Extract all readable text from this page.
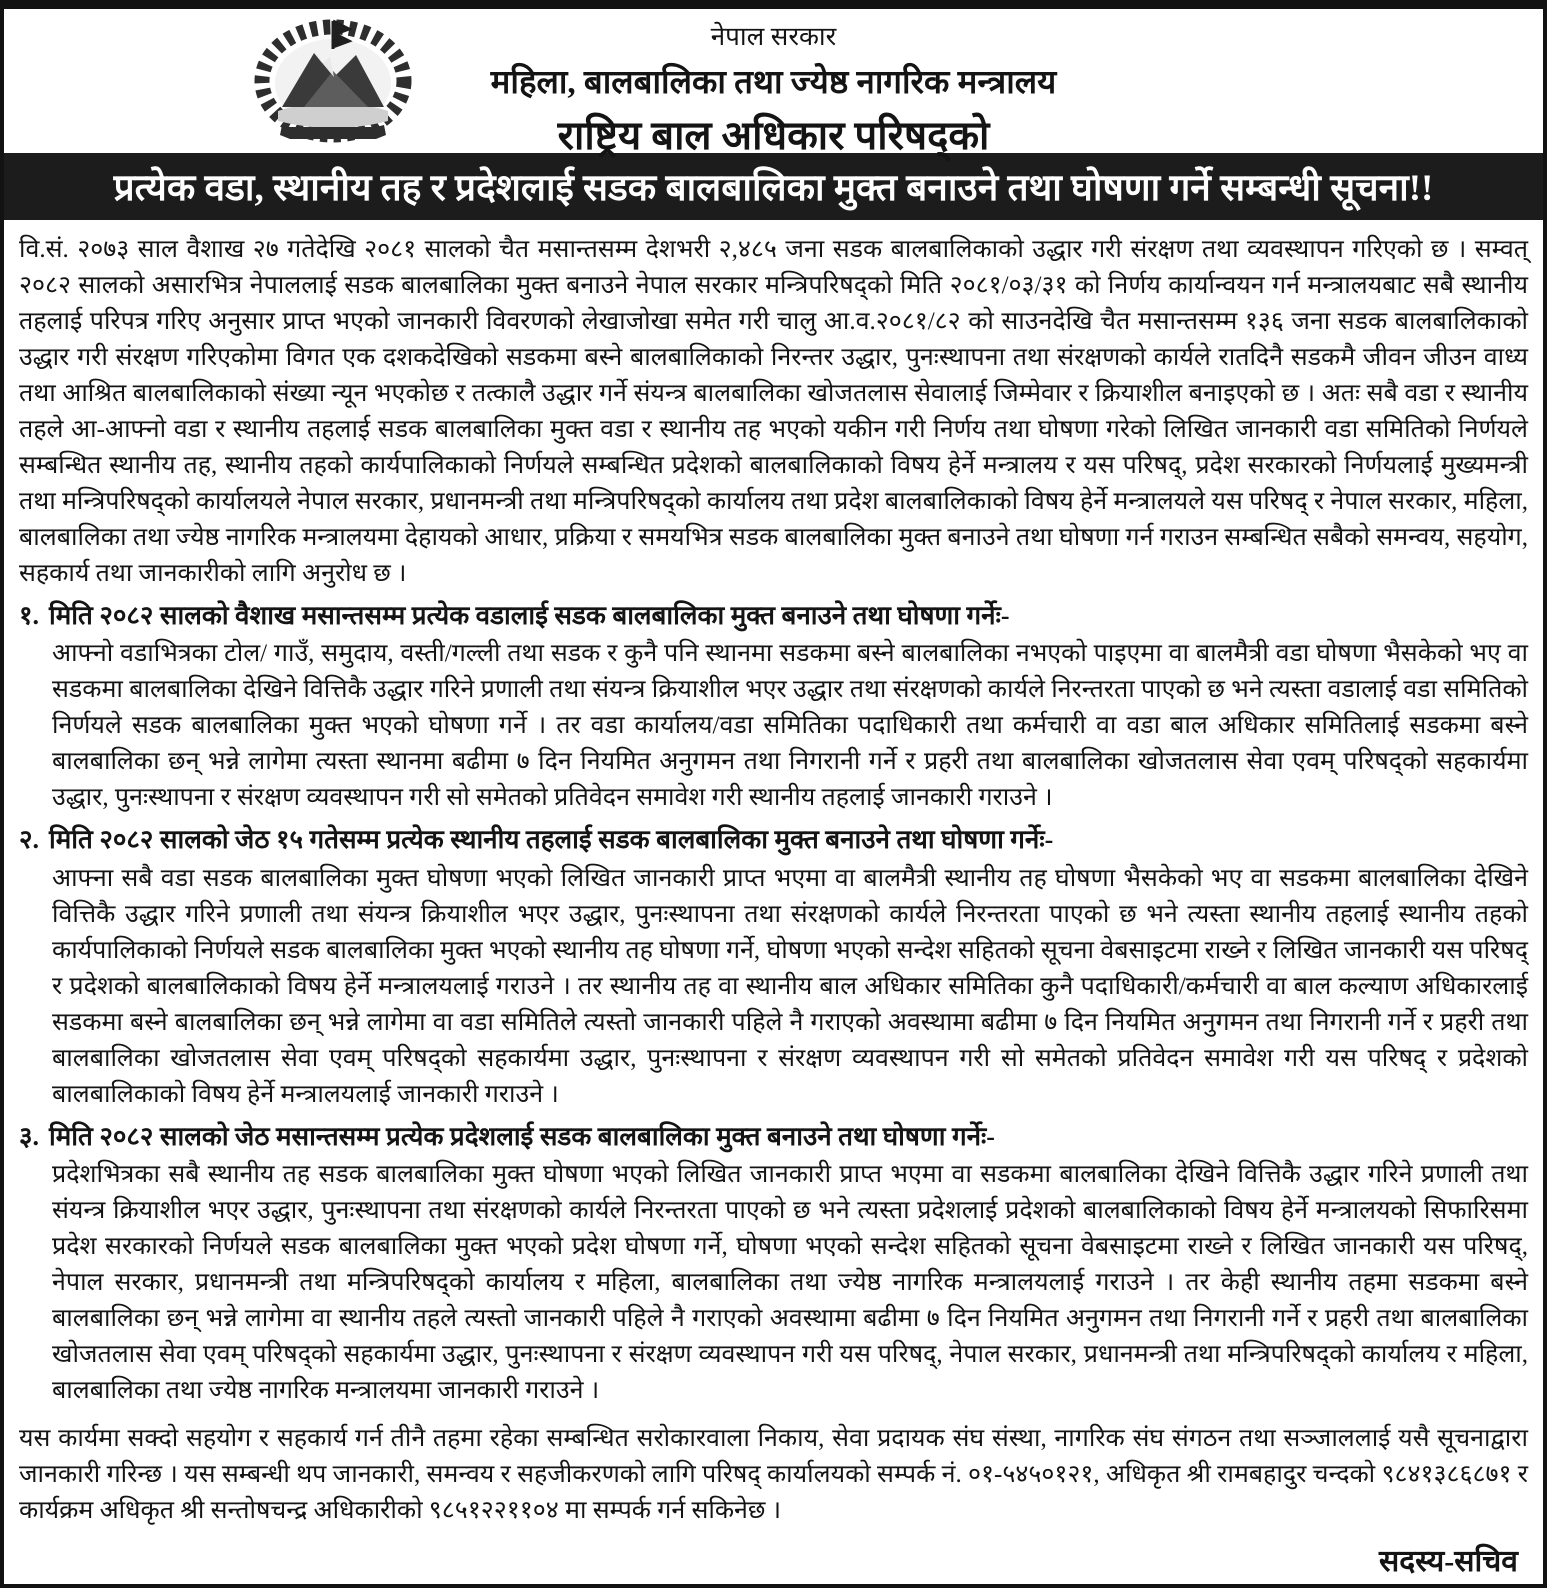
नेपाल सरकार
महिला, बालबालिका तथा ज्येष्ठ नागरिक मन्त्रालय
राष्ट्रिय बाल अधिकार परिषद्को
प्रत्येक वडा, स्थानीय तह र प्रदेशलाई सडक बालबालिका मुक्त बनाउने तथा घोषणा गर्ने सम्बन्धी सूचना!!

वि.सं. २०७३ साल वैशाख २७ गतेदेखि २०८१ सालको चैत मसान्तसम्म देशभरी २,४८५ जना सडक बालबालिकाको उद्धार गरी संरक्षण तथा व्यवस्थापन गरिएको छ । सम्वत् २०८२ सालको असारभित्र नेपाललाई सडक बालबालिका मुक्त बनाउने नेपाल सरकार मन्त्रिपरिषद्को मिति २०८१/०३/३१ को निर्णय कार्यान्वयन गर्न मन्त्रालयबाट सबै स्थानीय तहलाई परिपत्र गरिए अनुसार प्राप्त भएको जानकारी विवरणको लेखाजोखा समेत गरी चालु आ.व.२०८१/८२ को साउनदेखि चैत मसान्तसम्म १३६ जना सडक बालबालिकाको उद्धार गरी संरक्षण गरिएकोमा विगत एक दशकदेखिको सडकमा बस्ने बालबालिकाको निरन्तर उद्धार, पुनःस्थापना तथा संरक्षणको कार्यले रातदिनै सडकमै जीवन जीउन वाध्य तथा आश्रित बालबालिकाको संख्या न्यून भएकोछ र तत्कालै उद्धार गर्ने संयन्त्र बालबालिका खोजतलास सेवालाई जिम्मेवार र क्रियाशील बनाइएको छ । अतः सबै वडा र स्थानीय तहले आ-आफ्नो वडा र स्थानीय तहलाई सडक बालबालिका मुक्त वडा र स्थानीय तह भएको यकीन गरी निर्णय तथा घोषणा गरेको लिखित जानकारी वडा समितिको निर्णयले सम्बन्धित स्थानीय तह, स्थानीय तहको कार्यपालिकाको निर्णयले सम्बन्धित प्रदेशको बालबालिकाको विषय हेर्ने मन्त्रालय र यस परिषद्, प्रदेश सरकारको निर्णयलाई मुख्यमन्त्री तथा मन्त्रिपरिषद्को कार्यालयले नेपाल सरकार, प्रधानमन्त्री तथा मन्त्रिपरिषद्को कार्यालय तथा प्रदेश बालबालिकाको विषय हेर्ने मन्त्रालयले यस परिषद् र नेपाल सरकार, महिला, बालबालिका तथा ज्येष्ठ नागरिक मन्त्रालयमा देहायको आधार, प्रक्रिया र समयभित्र सडक बालबालिका मुक्त बनाउने तथा घोषणा गर्न गराउन सम्बन्धित सबैको समन्वय, सहयोग, सहकार्य तथा जानकारीको लागि अनुरोध छ ।

१. मिति २०८२ सालको वैशाख मसान्तसम्म प्रत्येक वडालाई सडक बालबालिका मुक्त बनाउने तथा घोषणा गर्नेः-

आफ्नो वडाभित्रका टोल/ गाउँ, समुदाय, वस्ती/गल्ली तथा सडक र कुनै पनि स्थानमा सडकमा बस्ने बालबालिका नभएको पाइएमा वा बालमैत्री वडा घोषणा भैसकेको भए वा सडकमा बालबालिका देखिने वित्तिकै उद्धार गरिने प्रणाली तथा संयन्त्र क्रियाशील भएर उद्धार तथा संरक्षणको कार्यले निरन्तरता पाएको छ भने त्यस्ता वडालाई वडा समितिको निर्णयले सडक बालबालिका मुक्त भएको घोषणा गर्ने । तर वडा कार्यालय/वडा समितिका पदाधिकारी तथा कर्मचारी वा वडा बाल अधिकार समितिलाई सडकमा बस्ने बालबालिका छन् भन्ने लागेमा त्यस्ता स्थानमा बढीमा ७ दिन नियमित अनुगमन तथा निगरानी गर्ने र प्रहरी तथा बालबालिका खोजतलास सेवा एवम् परिषद्को सहकार्यमा उद्धार, पुनःस्थापना र संरक्षण व्यवस्थापन गरी सो समेतको प्रतिवेदन समावेश गरी स्थानीय तहलाई जानकारी गराउने ।

२. मिति २०८२ सालको जेठ १५ गतेसम्म प्रत्येक स्थानीय तहलाई सडक बालबालिका मुक्त बनाउने तथा घोषणा गर्नेः-

आफ्ना सबै वडा सडक बालबालिका मुक्त घोषणा भएको लिखित जानकारी प्राप्त भएमा वा बालमैत्री स्थानीय तह घोषणा भैसकेको भए वा सडकमा बालबालिका देखिने वित्तिकै उद्धार गरिने प्रणाली तथा संयन्त्र क्रियाशील भएर उद्धार, पुनःस्थापना तथा संरक्षणको कार्यले निरन्तरता पाएको छ भने त्यस्ता स्थानीय तहलाई स्थानीय तहको कार्यपालिकाको निर्णयले सडक बालबालिका मुक्त भएको स्थानीय तह घोषणा गर्ने, घोषणा भएको सन्देश सहितको सूचना वेबसाइटमा राख्ने र लिखित जानकारी यस परिषद् र प्रदेशको बालबालिकाको विषय हेर्ने मन्त्रालयलाई गराउने । तर स्थानीय तह वा स्थानीय बाल अधिकार समितिका कुनै पदाधिकारी/कर्मचारी वा बाल कल्याण अधिकारलाई सडकमा बस्ने बालबालिका छन् भन्ने लागेमा वा वडा समितिले त्यस्तो जानकारी पहिले नै गराएको अवस्थामा बढीमा ७ दिन नियमित अनुगमन तथा निगरानी गर्ने र प्रहरी तथा बालबालिका खोजतलास सेवा एवम् परिषद्को सहकार्यमा उद्धार, पुनःस्थापना र संरक्षण व्यवस्थापन गरी सो समेतको प्रतिवेदन समावेश गरी यस परिषद् र प्रदेशको बालबालिकाको विषय हेर्ने मन्त्रालयलाई जानकारी गराउने ।

३. मिति २०८२ सालको जेठ मसान्तसम्म प्रत्येक प्रदेशलाई सडक बालबालिका मुक्त बनाउने तथा घोषणा गर्नेः-

प्रदेशभित्रका सबै स्थानीय तह सडक बालबालिका मुक्त घोषणा भएको लिखित जानकारी प्राप्त भएमा वा सडकमा बालबालिका देखिने वित्तिकै उद्धार गरिने प्रणाली तथा संयन्त्र क्रियाशील भएर उद्धार, पुनःस्थापना तथा संरक्षणको कार्यले निरन्तरता पाएको छ भने त्यस्ता प्रदेशलाई प्रदेशको बालबालिकाको विषय हेर्ने मन्त्रालयको सिफारिसमा प्रदेश सरकारको निर्णयले सडक बालबालिका मुक्त भएको प्रदेश घोषणा गर्ने, घोषणा भएको सन्देश सहितको सूचना वेबसाइटमा राख्ने र लिखित जानकारी यस परिषद्, नेपाल सरकार, प्रधानमन्त्री तथा मन्त्रिपरिषद्को कार्यालय र महिला, बालबालिका तथा ज्येष्ठ नागरिक मन्त्रालयलाई गराउने । तर केही स्थानीय तहमा सडकमा बस्ने बालबालिका छन् भन्ने लागेमा वा स्थानीय तहले त्यस्तो जानकारी पहिले नै गराएको अवस्थामा बढीमा ७ दिन नियमित अनुगमन तथा निगरानी गर्ने र प्रहरी तथा बालबालिका खोजतलास सेवा एवम् परिषद्को सहकार्यमा उद्धार, पुनःस्थापना र संरक्षण व्यवस्थापन गरी यस परिषद्, नेपाल सरकार, प्रधानमन्त्री तथा मन्त्रिपरिषद्को कार्यालय र महिला, बालबालिका तथा ज्येष्ठ नागरिक मन्त्रालयमा जानकारी गराउने ।

यस कार्यमा सक्दो सहयोग र सहकार्य गर्न तीनै तहमा रहेका सम्बन्धित सरोकारवाला निकाय, सेवा प्रदायक संघ संस्था, नागरिक संघ संगठन तथा सञ्जाललाई यसै सूचनाद्वारा जानकारी गरिन्छ । यस सम्बन्धी थप जानकारी, समन्वय र सहजीकरणको लागि परिषद् कार्यालयको सम्पर्क नं. ०१-५४५०१२१, अधिकृत श्री रामबहादुर चन्दको ९८४१३८६८७१ र कार्यक्रम अधिकृत श्री सन्तोषचन्द्र अधिकारीको ९८५१२२११०४ मा सम्पर्क गर्न सकिनेछ ।

सदस्य-सचिव
